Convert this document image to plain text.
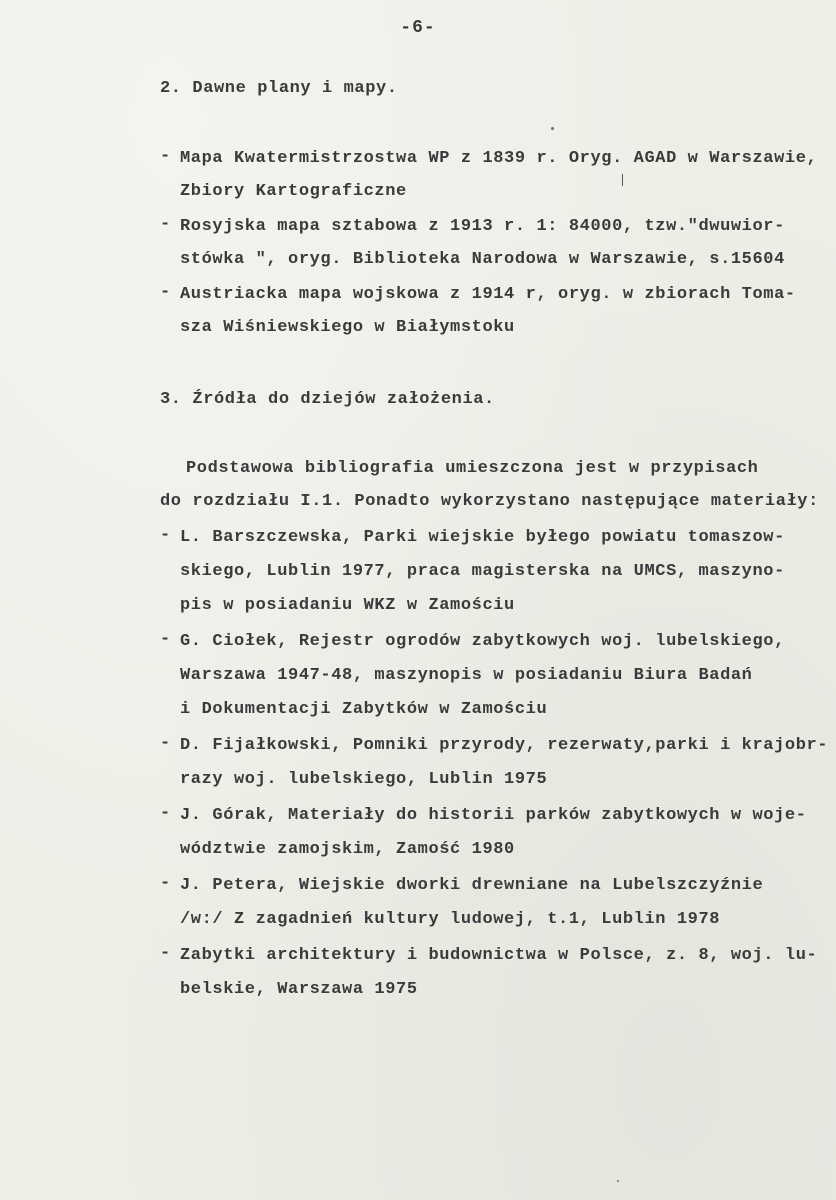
-6-
2. Dawne plany i mapy.
- Mapa Kwatermistrzostwa WP z 1839 r. Oryg. AGAD w Warszawie,
Zbiory Kartograficzne
- Rosyjska mapa sztabowa z 1913 r. 1: 84000, tzw."dwuwior-
stówka ", oryg. Biblioteka Narodowa w Warszawie, s.15604
- Austriacka mapa wojskowa z 1914 r, oryg. w zbiorach Toma-
sza Wiśniewskiego w Białymstoku
3. Źródła do dziejów założenia.
Podstawowa bibliografia umieszczona jest w przypisach
do rozdziału I.1. Ponadto wykorzystano następujące materiały:
- L. Barszczewska, Parki wiejskie byłego powiatu tomaszow-
skiego, Lublin 1977, praca magisterska na UMCS, maszyno-
pis w posiadaniu WKZ w Zamościu
- G. Ciołek, Rejestr ogrodów zabytkowych woj. lubelskiego,
Warszawa 1947-48, maszynopis w posiadaniu Biura Badań
i Dokumentacji Zabytków w Zamościu
- D. Fijałkowski, Pomniki przyrody, rezerwaty,parki i krajobr-
razy woj. lubelskiego, Lublin 1975
- J. Górak, Materiały do historii parków zabytkowych w woje-
wództwie zamojskim, Zamość 1980
- J. Petera, Wiejskie dworki drewniane na Lubelszczyźnie
/w:/ Z zagadnień kultury ludowej, t.1, Lublin 1978
- Zabytki architektury i budownictwa w Polsce, z. 8, woj. lu-
belskie, Warszawa 1975
